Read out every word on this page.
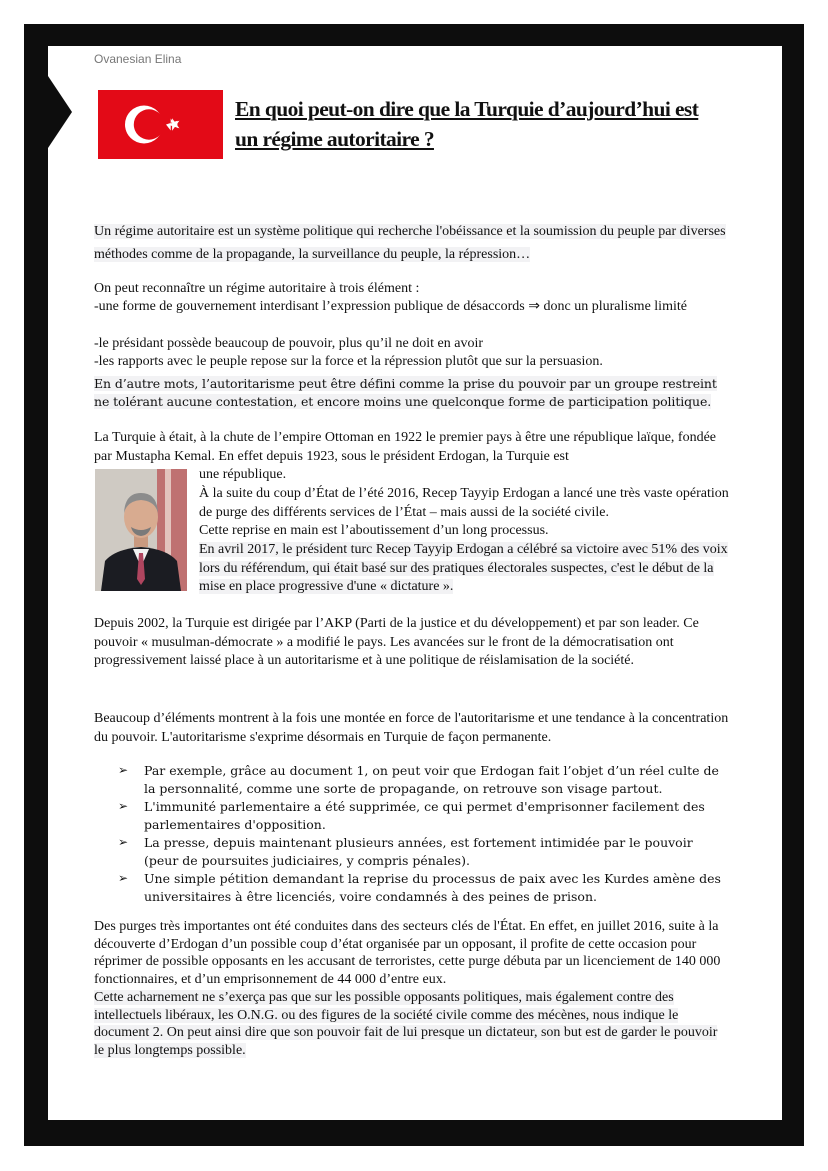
Ovanesian Elina
En quoi peut-on dire que la Turquie d’aujourd’hui est un régime autoritaire ?

Un régime autoritaire est un système politique qui recherche l'obéissance et la soumission du peuple par diverses méthodes comme de la propagande, la surveillance du peuple, la répression…

On peut reconnaître un régime autoritaire à trois élément :

-une forme de gouvernement interdisant l’expression publique de désaccords ⇒ donc un pluralisme limité

-le présidant possède beaucoup de pouvoir, plus qu’il ne doit en avoir

-les rapports avec le peuple repose sur la force et la répression plutôt que sur la persuasion.

En d’autre mots, l’autoritarisme peut être défini comme la prise du pouvoir par un groupe restreint ne tolérant aucune contestation, et encore moins une quelconque forme de participation politique.

La Turquie à était, à la chute de l’empire Ottoman en 1922 le premier pays à être une république laïque, fondée par Mustapha Kemal. En effet depuis 1923, sous le président Erdogan, la Turquie est

une république.

À la suite du coup d’État de l’été 2016, Recep Tayyip Erdogan a lancé une très vaste opération de purge des différents services de l’État – mais aussi de la société civile.

Cette reprise en main est l’aboutissement d’un long processus.

En avril 2017, le président turc Recep Tayyip Erdogan a célébré sa victoire avec 51% des voix lors du référendum, qui était basé sur des pratiques électorales suspectes, c'est le début de la mise en place progressive d'une « dictature ».

Depuis 2002, la Turquie est dirigée par l’AKP (Parti de la justice et du développement) et par son leader. Ce pouvoir « musulman-démocrate » a modifié le pays. Les avancées sur le front de la démocratisation ont progressivement laissé place à un autoritarisme et à une politique de réislamisation de la société.

Beaucoup d’éléments montrent à la fois une montée en force de l'autoritarisme et une tendance à la concentration du pouvoir. L'autoritarisme s'exprime désormais en Turquie de façon permanente.

➢ Par exemple, grâce au document 1, on peut voir que Erdogan fait l’objet d’un réel culte de la personnalité, comme une sorte de propagande, on retrouve son visage partout.
➢ L'immunité parlementaire a été supprimée, ce qui permet d'emprisonner facilement des parlementaires d'opposition.
➢ La presse, depuis maintenant plusieurs années, est fortement intimidée par le pouvoir (peur de poursuites judiciaires, y compris pénales).
➢ Une simple pétition demandant la reprise du processus de paix avec les Kurdes amène des universitaires à être licenciés, voire condamnés à des peines de prison.

Des purges très importantes ont été conduites dans des secteurs clés de l'État. En effet, en juillet 2016, suite à la découverte d’Erdogan d’un possible coup d’état organisée par un opposant, il profite de cette occasion pour réprimer de possible opposants en les accusant de terroristes, cette purge débuta par un licenciement de 140 000 fonctionnaires, et d’un emprisonnement de 44 000 d’entre eux.

Cette acharnement ne s’exerça pas que sur les possible opposants politiques, mais également contre des intellectuels libéraux, les O.N.G. ou des figures de la société civile comme des mécènes, nous indique le document 2. On peut ainsi dire que son pouvoir fait de lui presque un dictateur, son but est de garder le pouvoir le plus longtemps possible.
